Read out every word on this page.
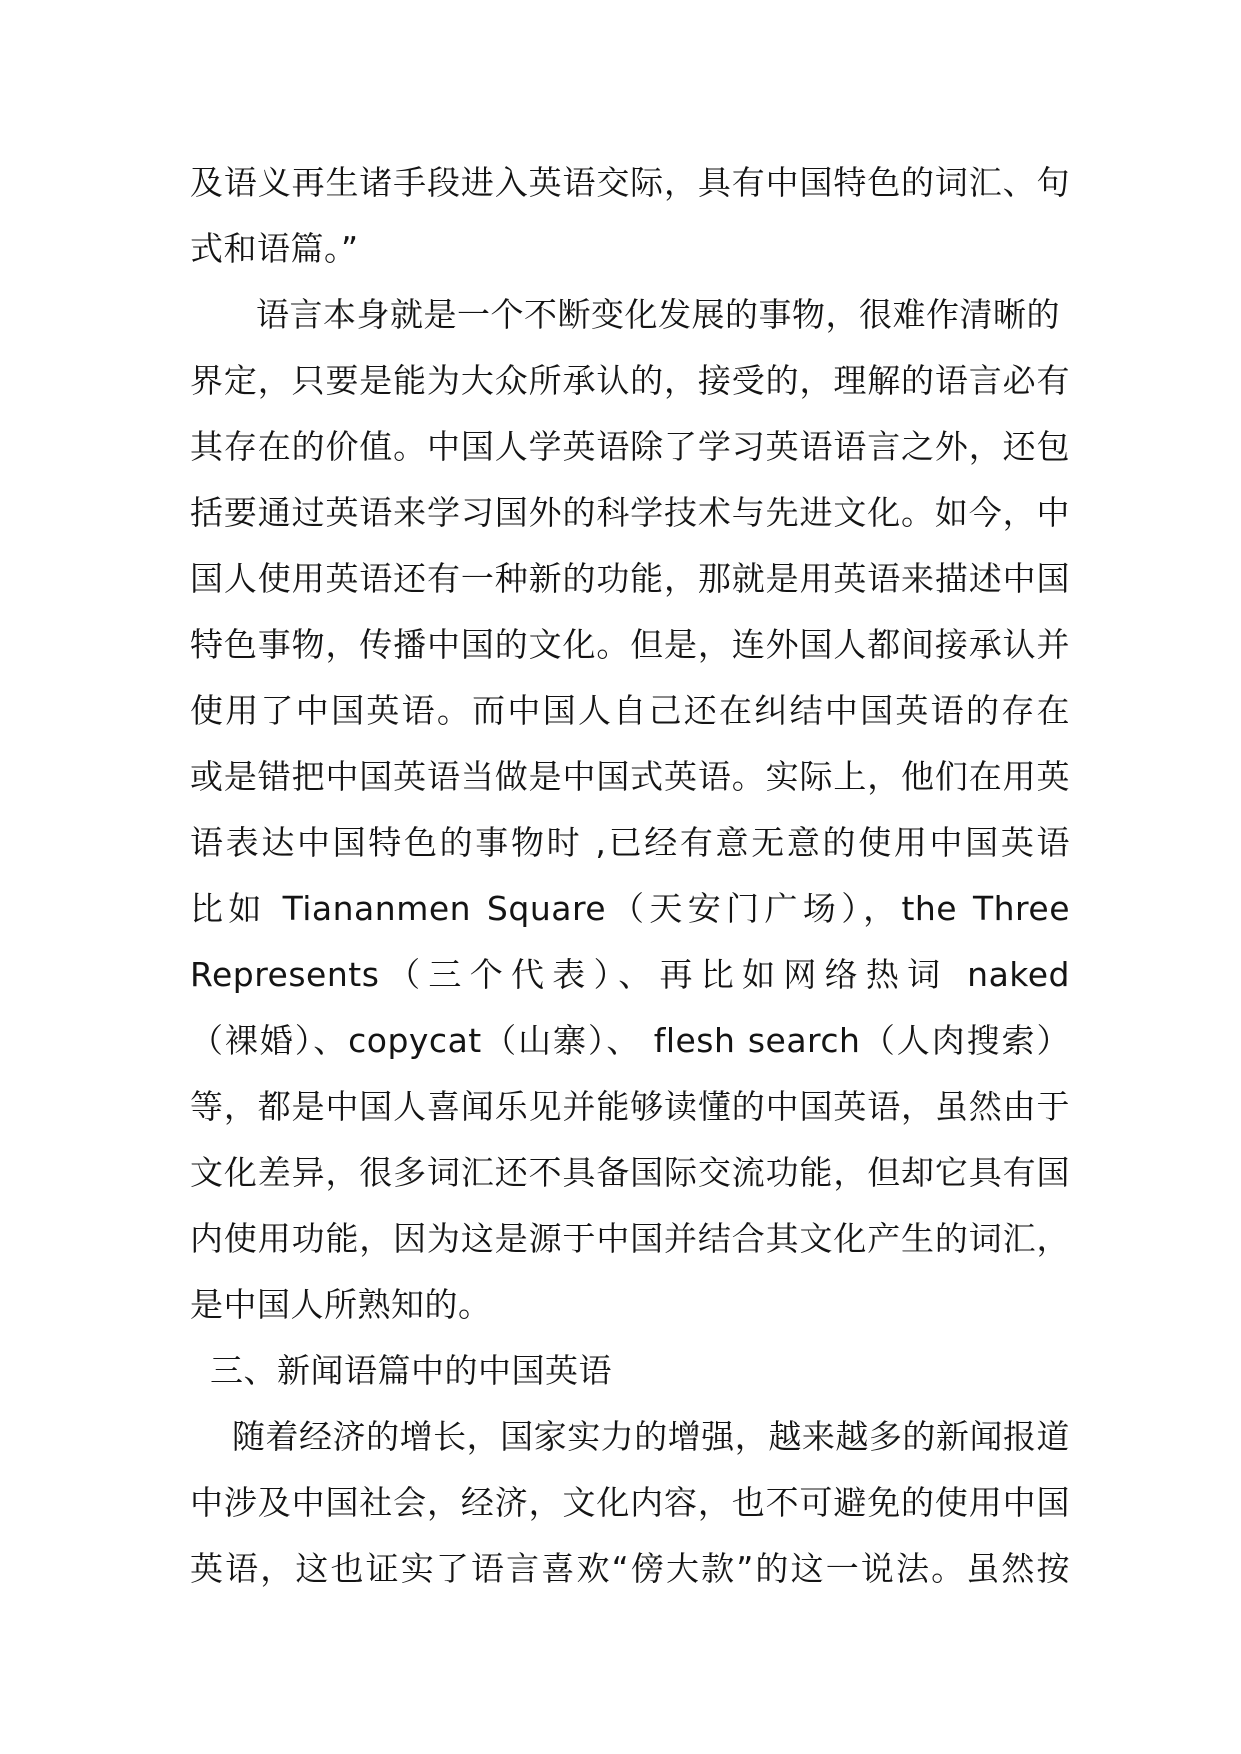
及语义再生诸手段进入英语交际，具有中国特色的词汇、句
式和语篇。”
语言本身就是一个不断变化发展的事物，很难作清晰的
界定，只要是能为大众所承认的，接受的，理解的语言必有
其存在的价值。中国人学英语除了学习英语语言之外，还包
括要通过英语来学习国外的科学技术与先进文化。如今，中
国人使用英语还有一种新的功能，那就是用英语来描述中国
特色事物，传播中国的文化。但是，连外国人都间接承认并
使用了中国英语。而中国人自己还在纠结中国英语的存在
或是错把中国英语当做是中国式英语。实际上，他们在用英
语表达中国特色的事物时 ,已经有意无意的使用中国英语
比如 Tiananmen Square（天安门广场），the Three
Represents（三个代表）、再比如网络热词 naked
（裸婚）、copycat（山寨）、 flesh search（人肉搜索）
等，都是中国人喜闻乐见并能够读懂的中国英语，虽然由于
文化差异，很多词汇还不具备国际交流功能，但却它具有国
内使用功能，因为这是源于中国并结合其文化产生的词汇，
是中国人所熟知的。
三、新闻语篇中的中国英语
随着经济的增长，国家实力的增强，越来越多的新闻报道
中涉及中国社会，经济，文化内容，也不可避免的使用中国
英语，这也证实了语言喜欢“傍大款”的这一说法。虽然按
